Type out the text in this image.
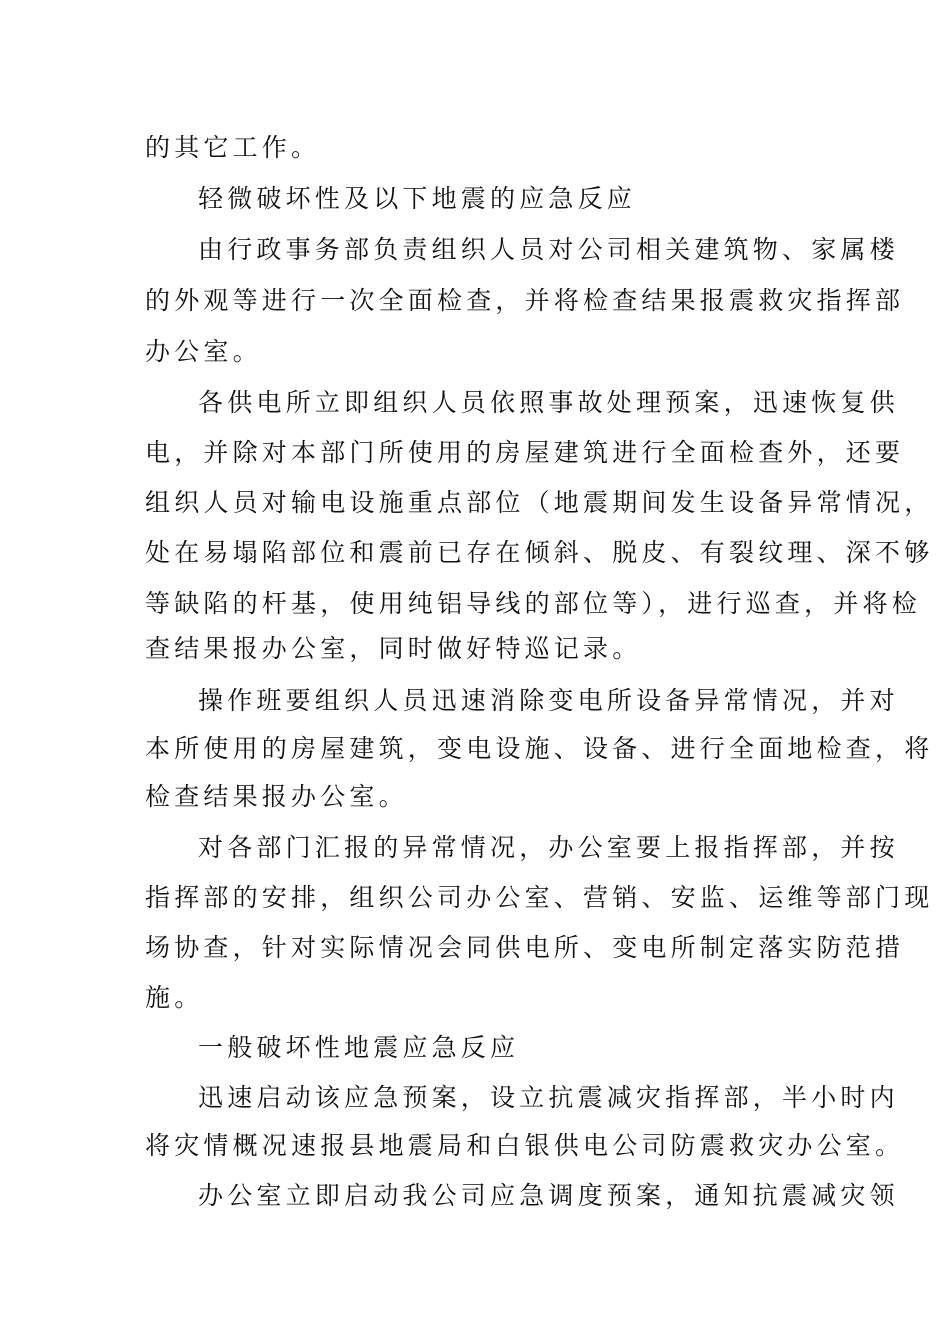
的其它工作。
轻微破坏性及以下地震的应急反应
由行政事务部负责组织人员对公司相关建筑物、家属楼
的外观等进行一次全面检查，并将检查结果报震救灾指挥部
办公室。
各供电所立即组织人员依照事故处理预案，迅速恢复供
电，并除对本部门所使用的房屋建筑进行全面检查外，还要
组织人员对输电设施重点部位（地震期间发生设备异常情况，
处在易塌陷部位和震前已存在倾斜、脱皮、有裂纹理、深不够
等缺陷的杆基，使用纯铝导线的部位等），进行巡查，并将检
查结果报办公室，同时做好特巡记录。
操作班要组织人员迅速消除变电所设备异常情况，并对
本所使用的房屋建筑，变电设施、设备、进行全面地检查，将
检查结果报办公室。
对各部门汇报的异常情况，办公室要上报指挥部，并按
指挥部的安排，组织公司办公室、营销、安监、运维等部门现
场协查，针对实际情况会同供电所、变电所制定落实防范措
施。
一般破坏性地震应急反应
迅速启动该应急预案，设立抗震减灾指挥部，半小时内
将灾情概况速报县地震局和白银供电公司防震救灾办公室。
办公室立即启动我公司应急调度预案，通知抗震减灾领
